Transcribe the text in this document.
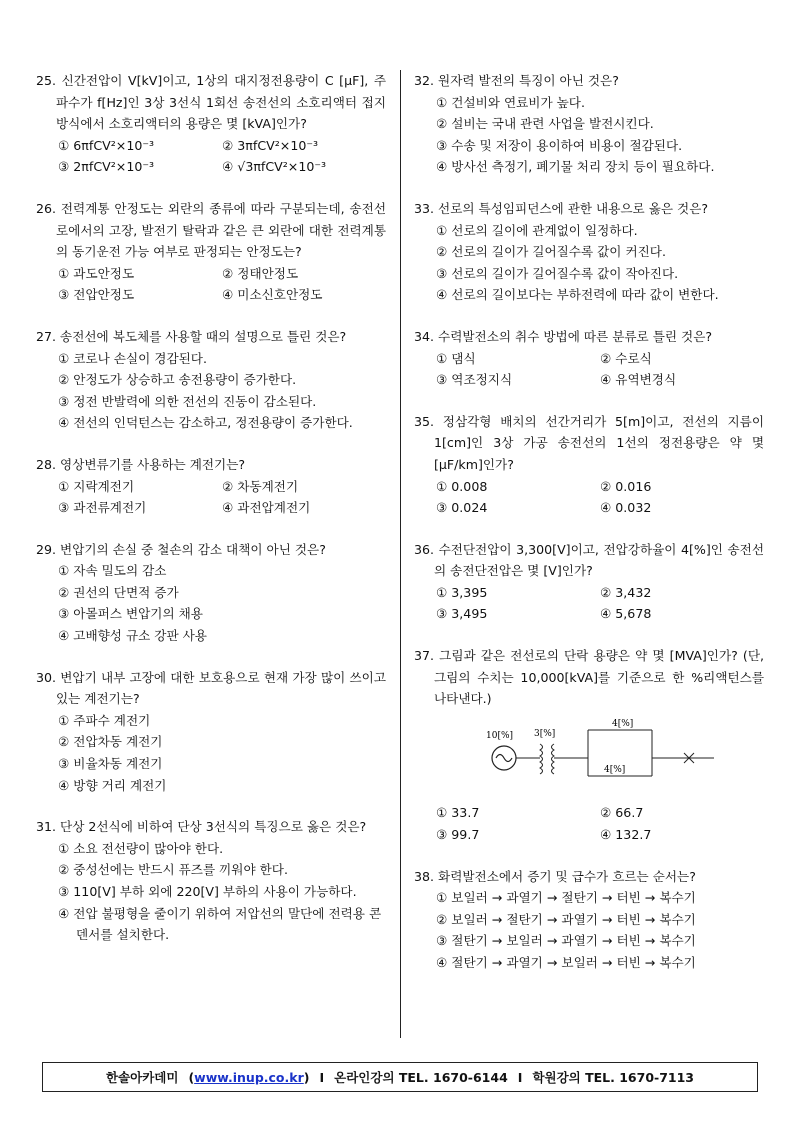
25. 신간전압이 V[kV]이고, 1상의 대지정전용량이 C [μF], 주파수가 f[Hz]인 3상 3선식 1회선 송전선의 소호리액터 접지방식에서 소호리액터의 용량은 몇 [kVA]인가?
① 6πfCV²×10⁻³	② 3πfCV²×10⁻³
③ 2πfCV²×10⁻³	④ √3πfCV²×10⁻³
26. 전력계통 안정도는 외란의 종류에 따라 구분되는데, 송전선로에서의 고장, 발전기 탈락과 같은 큰 외란에 대한 전력계통의 동기운전 가능 여부로 판정되는 안정도는?
① 과도안정도	② 정태안정도
③ 전압안정도	④ 미소신호안정도
27. 송전선에 복도체를 사용할 때의 설명으로 틀린 것은?
① 코로나 손실이 경감된다.
② 안정도가 상승하고 송전용량이 증가한다.
③ 정전 반발력에 의한 전선의 진동이 감소된다.
④ 전선의 인덕턴스는 감소하고, 정전용량이 증가한다.
28. 영상변류기를 사용하는 계전기는?
① 지락계전기	② 차동계전기
③ 과전류계전기	④ 과전압계전기
29. 변압기의 손실 중 철손의 감소 대책이 아닌 것은?
① 자속 밀도의 감소
② 권선의 단면적 증가
③ 아몰퍼스 변압기의 채용
④ 고배향성 규소 강판 사용
30. 변압기 내부 고장에 대한 보호용으로 현재 가장 많이 쓰이고 있는 계전기는?
① 주파수 계전기
② 전압차동 계전기
③ 비율차동 계전기
④ 방향 거리 계전기
31. 단상 2선식에 비하여 단상 3선식의 특징으로 옳은 것은?
① 소요 전선량이 많아야 한다.
② 중성선에는 반드시 퓨즈를 끼워야 한다.
③ 110[V] 부하 외에 220[V] 부하의 사용이 가능하다.
④ 전압 불평형을 줄이기 위하여 저압선의 말단에 전력용 콘덴서를 설치한다.
32. 원자력 발전의 특징이 아닌 것은?
① 건설비와 연료비가 높다.
② 설비는 국내 관련 사업을 발전시킨다.
③ 수송 및 저장이 용이하여 비용이 절감된다.
④ 방사선 측정기, 폐기물 처리 장치 등이 필요하다.
33. 선로의 특성임피던스에 관한 내용으로 옳은 것은?
① 선로의 길이에 관계없이 일정하다.
② 선로의 길이가 길어질수록 값이 커진다.
③ 선로의 길이가 길어질수록 값이 작아진다.
④ 선로의 길이보다는 부하전력에 따라 값이 변한다.
34. 수력발전소의 취수 방법에 따른 분류로 틀린 것은?
① 댐식	② 수로식
③ 역조정지식	④ 유역변경식
35. 정삼각형 배치의 선간거리가 5[m]이고, 전선의 지름이 1[cm]인 3상 가공 송전선의 1선의 정전용량은 약 몇 [μF/km]인가?
① 0.008	② 0.016
③ 0.024	④ 0.032
36. 수전단전압이 3,300[V]이고, 전압강하율이 4[%]인 송전선의 송전단전압은 몇 [V]인가?
① 3,395	② 3,432
③ 3,495	④ 5,678
37. 그림과 같은 전선로의 단락 용량은 약 몇 [MVA]인가? (단, 그림의 수치는 10,000[kVA]를 기준으로 한 %리액턴스를 나타낸다.)
10[%] 3[%]
4[%]
4[%]
① 33.7	② 66.7
③ 99.7	④ 132.7
38. 화력발전소에서 증기 및 급수가 흐르는 순서는?
① 보일러 → 과열기 → 절탄기 → 터빈 → 복수기
② 보일러 → 절탄기 → 과열기 → 터빈 → 복수기
③ 절탄기 → 보일러 → 과열기 → 터빈 → 복수기
④ 절탄기 → 과열기 → 보일러 → 터빈 → 복수기
한솔아카데미 (www.inup.co.kr) I 온라인강의 TEL. 1670-6144 I 학원강의 TEL. 1670-7113
